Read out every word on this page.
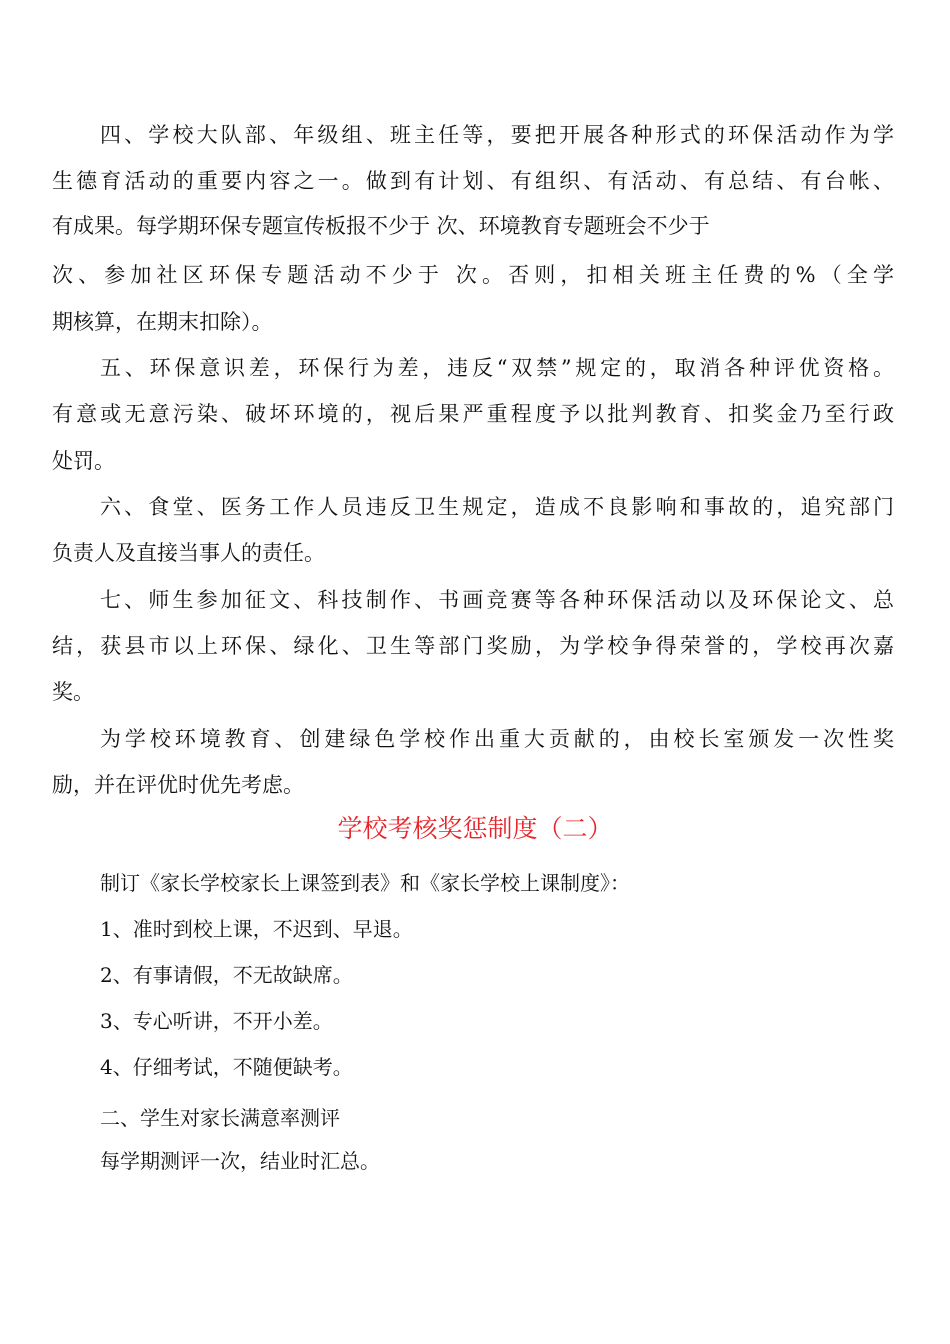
四、学校大队部、年级组、班主任等，要把开展各种形式的环保活动作为学
生德育活动的重要内容之一。做到有计划、有组织、有活动、有总结、有台帐、
有成果。每学期环保专题宣传板报不少于 次、环境教育专题班会不少于
次、参加社区环保专题活动不少于 次。否则，扣相关班主任费的%（全学
期核算，在期末扣除）。
五、环保意识差，环保行为差，违反“双禁”规定的，取消各种评优资格。
有意或无意污染、破坏环境的，视后果严重程度予以批判教育、扣奖金乃至行政
处罚。
六、食堂、医务工作人员违反卫生规定，造成不良影响和事故的，追究部门
负责人及直接当事人的责任。
七、师生参加征文、科技制作、书画竞赛等各种环保活动以及环保论文、总
结，获县市以上环保、绿化、卫生等部门奖励，为学校争得荣誉的，学校再次嘉
奖。
为学校环境教育、创建绿色学校作出重大贡献的，由校长室颁发一次性奖
励，并在评优时优先考虑。
学校考核奖惩制度（二）
制订《家长学校家长上课签到表》和《家长学校上课制度》：
1、准时到校上课，不迟到、早退。
2、有事请假，不无故缺席。
3、专心听讲，不开小差。
4、仔细考试，不随便缺考。
二、学生对家长满意率测评
每学期测评一次，结业时汇总。
